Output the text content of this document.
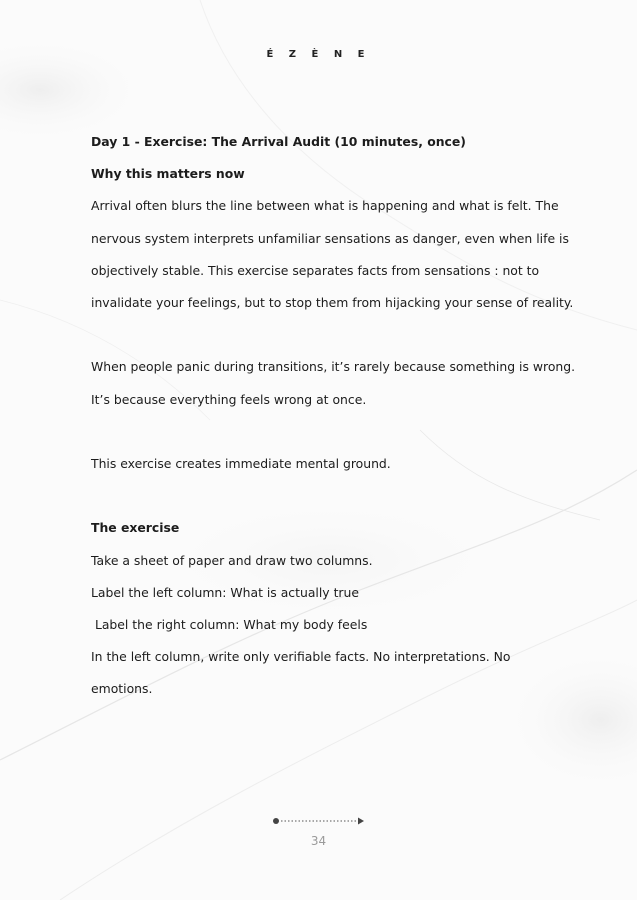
É Z È N E

Day 1 - Exercise: The Arrival Audit (10 minutes, once)

Why this matters now

Arrival often blurs the line between what is happening and what is felt. The

nervous system interprets unfamiliar sensations as danger, even when life is

objectively stable. This exercise separates facts from sensations : not to

invalidate your feelings, but to stop them from hijacking your sense of reality.

When people panic during transitions, it’s rarely because something is wrong.

It’s because everything feels wrong at once.

This exercise creates immediate mental ground.

The exercise

Take a sheet of paper and draw two columns.

Label the left column: What is actually true

Label the right column: What my body feels

In the left column, write only verifiable facts. No interpretations. No

emotions.

34
